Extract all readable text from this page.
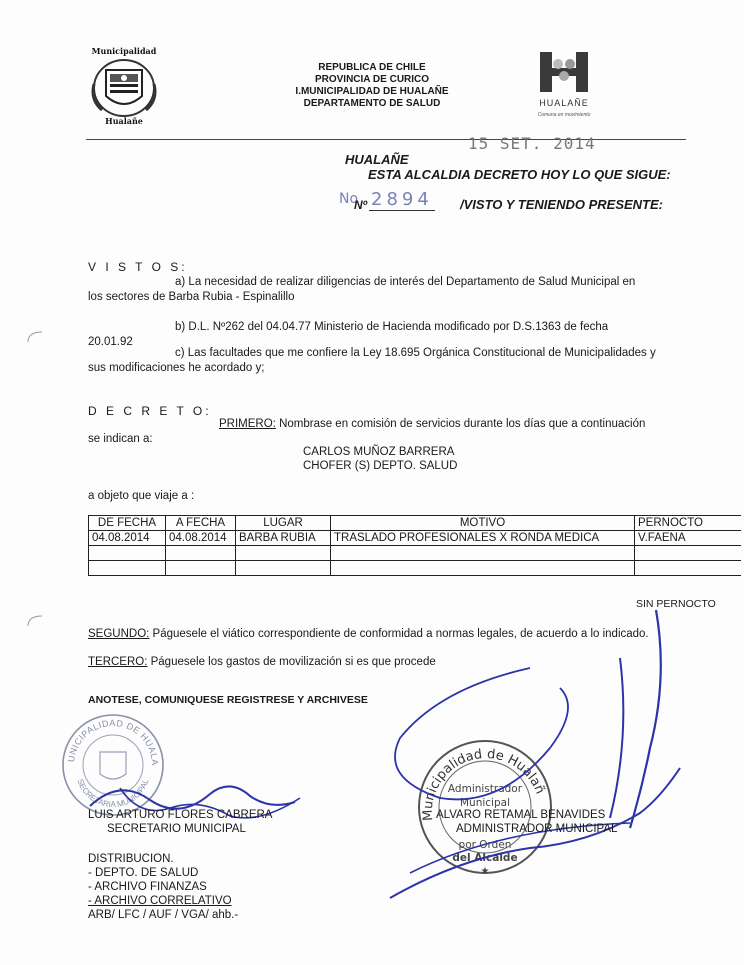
Municipalidad
Hualañe
REPUBLICA DE CHILE
PROVINCIA DE CURICO
I.MUNICIPALIDAD DE HUALAÑE
DEPARTAMENTO DE SALUD	HUALAÑE
Comuna en movimiento
15 SET. 2014
HUALAÑE
ESTA ALCALDIA DECRETO HOY LO QUE SIGUE:
No
Nº 2894 /VISTO Y TENIENDO PRESENTE:
V I S T O S:
a) La necesidad de realizar diligencias de interés del Departamento de Salud Municipal en
los sectores de Barba Rubia - Espinalillo
b) D.L. Nº262 del 04.04.77 Ministerio de Hacienda modificado por D.S.1363 de fecha
20.01.92
c) Las facultades que me confiere la Ley 18.695 Orgánica Constitucional de Municipalidades y
sus modificaciones he acordado y;
D E C R E T O:
PRIMERO: Nombrase en comisión de servicios durante los días que a continuación
se indican a:
CARLOS MUÑOZ BARRERA
CHOFER (S) DEPTO. SALUD
a objeto que viaje a :
DE FECHA	A FECHA	LUGAR	MOTIVO	PERNOCTO
04.08.2014	04.08.2014	BARBA RUBIA	TRASLADO PROFESIONALES X RONDA MEDICA	V.FAENA

SIN PERNOCTO
SEGUNDO: Páguesele el viático correspondiente de conformidad a normas legales, de acuerdo a lo indicado.
TERCERO: Páguesele los gastos de movilización si es que procede
ANOTESE, COMUNIQUESE REGISTRESE Y ARCHIVESE
I. MUNICIPALIDAD DE HUALAÑE
SECRETARIA MUNICIPAL
LUIS ARTURO FLORES CABRERA
SECRETARIO MUNICIPAL
Municipalidad de Hualañe
Administrador
Municipal
por Orden
del Alcalde
★
ALVARO RETAMAL BENAVIDES
ADMINISTRADOR MUNICIPAL
DISTRIBUCION.
- DEPTO. DE SALUD
- ARCHIVO FINANZAS
- ARCHIVO CORRELATIVO
ARB/ LFC / AUF / VGA/ ahb.-
